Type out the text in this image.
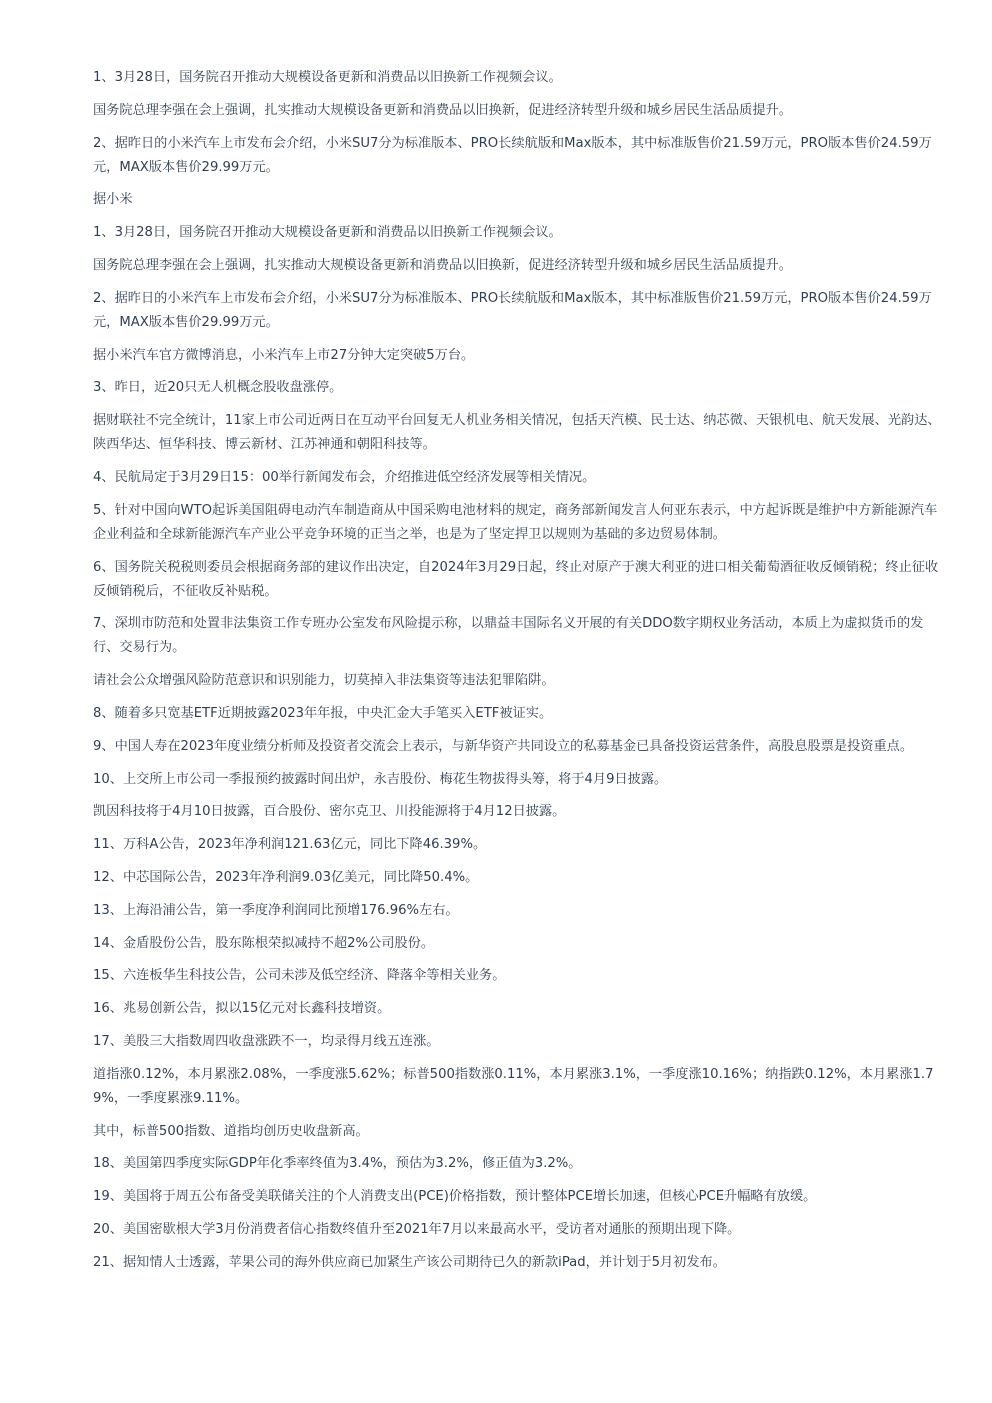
1、3月28日，国务院召开推动大规模设备更新和消费品以旧换新工作视频会议。

国务院总理李强在会上强调，扎实推动大规模设备更新和消费品以旧换新，促进经济转型升级和城乡居民生活品质提升。

2、据昨日的小米汽车上市发布会介绍，小米SU7分为标准版本、PRO长续航版和Max版本，其中标准版售价21.59万元，PRO版本售价24.59万元，MAX版本售价29.99万元。

据小米

1、3月28日，国务院召开推动大规模设备更新和消费品以旧换新工作视频会议。

国务院总理李强在会上强调，扎实推动大规模设备更新和消费品以旧换新，促进经济转型升级和城乡居民生活品质提升。

2、据昨日的小米汽车上市发布会介绍，小米SU7分为标准版本、PRO长续航版和Max版本，其中标准版售价21.59万元，PRO版本售价24.59万元，MAX版本售价29.99万元。

据小米汽车官方微博消息，小米汽车上市27分钟大定突破5万台。

3、昨日，近20只无人机概念股收盘涨停。

据财联社不完全统计，11家上市公司近两日在互动平台回复无人机业务相关情况，包括天汽模、民士达、纳芯微、天银机电、航天发展、光韵达、陕西华达、恒华科技、博云新材、江苏神通和朝阳科技等。

4、民航局定于3月29日15：00举行新闻发布会，介绍推进低空经济发展等相关情况。

5、针对中国向WTO起诉美国阻碍电动汽车制造商从中国采购电池材料的规定，商务部新闻发言人何亚东表示，中方起诉既是维护中方新能源汽车企业利益和全球新能源汽车产业公平竞争环境的正当之举，也是为了坚定捍卫以规则为基础的多边贸易体制。

6、国务院关税税则委员会根据商务部的建议作出决定，自2024年3月29日起，终止对原产于澳大利亚的进口相关葡萄酒征收反倾销税；终止征收反倾销税后，不征收反补贴税。

7、深圳市防范和处置非法集资工作专班办公室发布风险提示称，以鼎益丰国际名义开展的有关DDO数字期权业务活动，本质上为虚拟货币的发行、交易行为。

请社会公众增强风险防范意识和识别能力，切莫掉入非法集资等违法犯罪陷阱。

8、随着多只宽基ETF近期披露2023年年报，中央汇金大手笔买入ETF被证实。

9、中国人寿在2023年度业绩分析师及投资者交流会上表示，与新华资产共同设立的私募基金已具备投资运营条件，高股息股票是投资重点。

10、上交所上市公司一季报预约披露时间出炉，永吉股份、梅花生物拔得头筹，将于4月9日披露。

凯因科技将于4月10日披露，百合股份、密尔克卫、川投能源将于4月12日披露。

11、万科A公告，2023年净利润121.63亿元，同比下降46.39%。

12、中芯国际公告，2023年净利润9.03亿美元，同比降50.4%。

13、上海沿浦公告，第一季度净利润同比预增176.96%左右。

14、金盾股份公告，股东陈根荣拟减持不超2%公司股份。

15、六连板华生科技公告，公司未涉及低空经济、降落伞等相关业务。

16、兆易创新公告，拟以15亿元对长鑫科技增资。

17、美股三大指数周四收盘涨跌不一，均录得月线五连涨。

道指涨0.12%，本月累涨2.08%，一季度涨5.62%；标普500指数涨0.11%，本月累涨3.1%，一季度涨10.16%；纳指跌0.12%，本月累涨1.79%，一季度累涨9.11%。

其中，标普500指数、道指均创历史收盘新高。

18、美国第四季度实际GDP年化季率终值为3.4%，预估为3.2%，修正值为3.2%。

19、美国将于周五公布备受美联储关注的个人消费支出(PCE)价格指数，预计整体PCE增长加速，但核心PCE升幅略有放缓。

20、美国密歇根大学3月份消费者信心指数终值升至2021年7月以来最高水平，受访者对通胀的预期出现下降。

21、据知情人士透露，苹果公司的海外供应商已加紧生产该公司期待已久的新款iPad，并计划于5月初发布。
